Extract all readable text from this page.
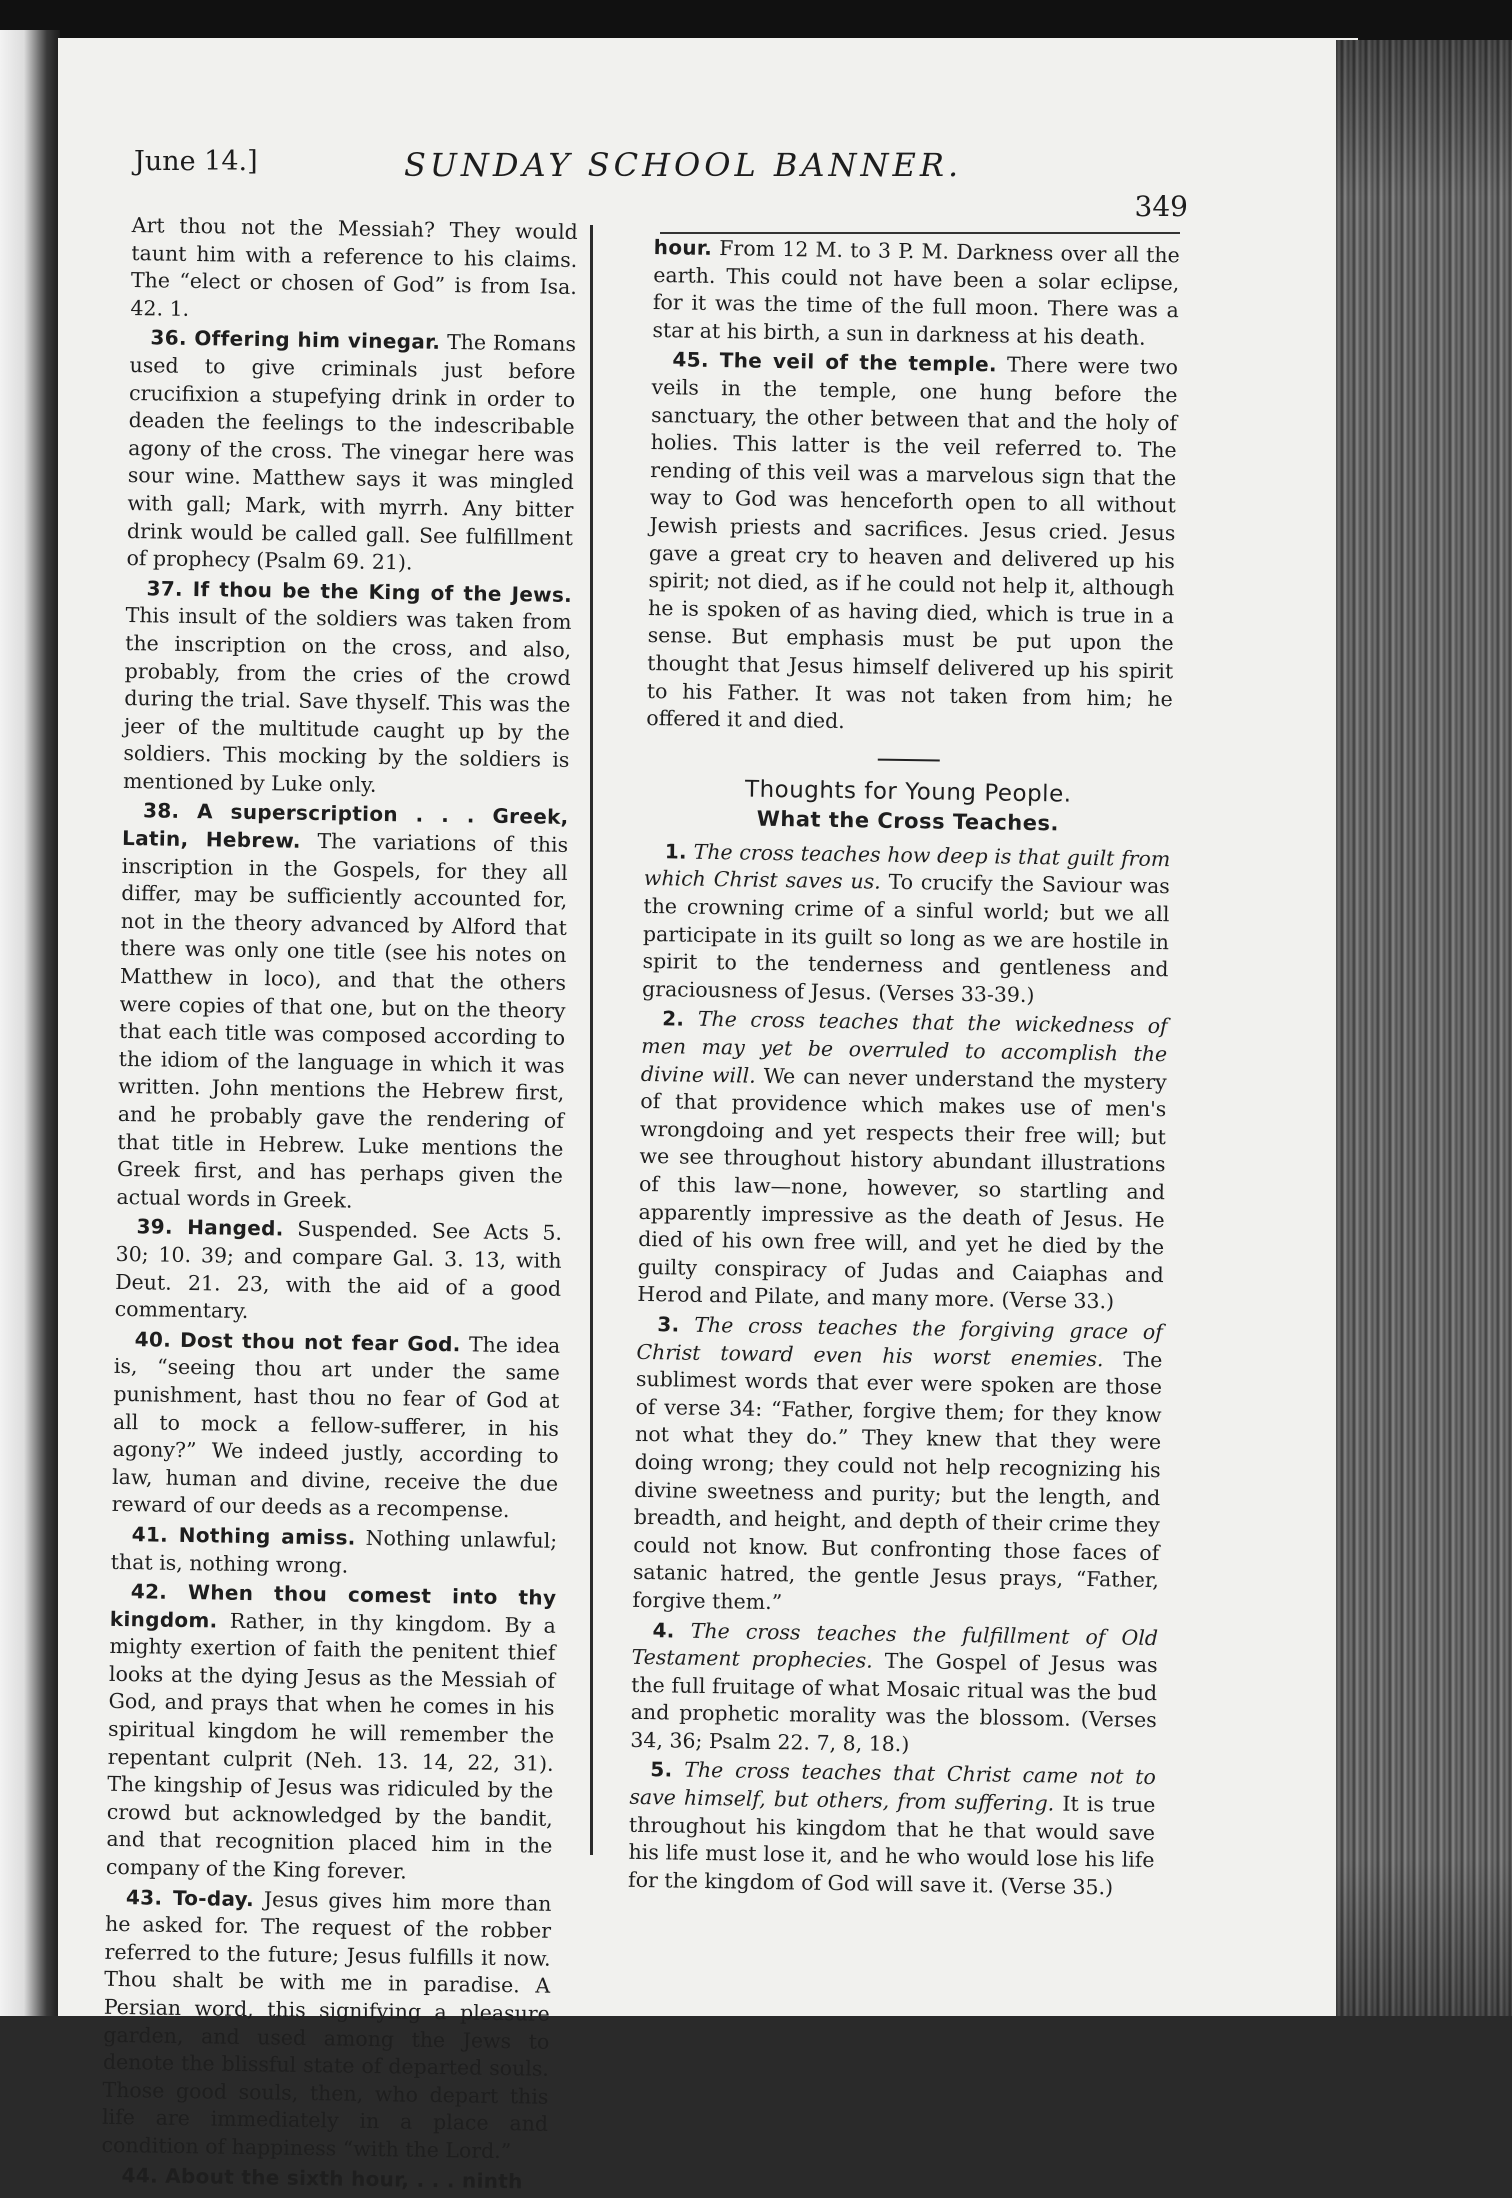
June 14.]	SUNDAY SCHOOL BANNER.
349

Art thou not the Messiah? They would taunt him with a reference to his claims. The “elect or chosen of God” is from Isa. 42. 1.

 36. Offering him vinegar. The Romans used to give criminals just before crucifixion a stupefying drink in order to deaden the feelings to the indescribable agony of the cross. The vinegar here was sour wine. Matthew says it was mingled with gall; Mark, with myrrh. Any bitter drink would be called gall. See fulfillment of prophecy (Psalm 69. 21).

 37. If thou be the King of the Jews. This insult of the soldiers was taken from the inscription on the cross, and also, probably, from the cries of the crowd during the trial. Save thyself. This was the jeer of the multitude caught up by the soldiers. This mocking by the soldiers is mentioned by Luke only.

 38. A superscription . . . Greek, Latin, Hebrew. The variations of this inscription in the Gospels, for they all differ, may be sufficiently accounted for, not in the theory advanced by Alford that there was only one title (see his notes on Matthew in loco), and that the others were copies of that one, but on the theory that each title was composed according to the idiom of the language in which it was written. John mentions the Hebrew first, and he probably gave the rendering of that title in Hebrew. Luke mentions the Greek first, and has perhaps given the actual words in Greek.

 39. Hanged. Suspended. See Acts 5. 30; 10. 39; and compare Gal. 3. 13, with Deut. 21. 23, with the aid of a good commentary.

 40. Dost thou not fear God. The idea is, “seeing thou art under the same punishment, hast thou no fear of God at all to mock a fellow-sufferer, in his agony?” We indeed justly, according to law, human and divine, receive the due reward of our deeds as a recompense.

 41. Nothing amiss. Nothing unlawful; that is, nothing wrong.

 42. When thou comest into thy kingdom. Rather, in thy kingdom. By a mighty exertion of faith the penitent thief looks at the dying Jesus as the Messiah of God, and prays that when he comes in his spiritual kingdom he will remember the repentant culprit (Neh. 13. 14, 22, 31). The kingship of Jesus was ridiculed by the crowd but acknowledged by the bandit, and that recognition placed him in the company of the King forever.

 43. To-day. Jesus gives him more than he asked for. The request of the robber referred to the future; Jesus fulfills it now. Thou shalt be with me in paradise. A Persian word, this signifying a pleasure garden, and used among the Jews to denote the blissful state of departed souls. Those good souls, then, who depart this life are immediately in a place and condition of happiness “with the Lord.”

 44. About the sixth hour, . . . ninth

hour. From 12 M. to 3 P. M. Darkness over all the earth. This could not have been a solar eclipse, for it was the time of the full moon. There was a star at his birth, a sun in darkness at his death.

 45. The veil of the temple. There were two veils in the temple, one hung before the sanctuary, the other between that and the holy of holies. This latter is the veil referred to. The rending of this veil was a marvelous sign that the way to God was henceforth open to all without Jewish priests and sacrifices. Jesus cried. Jesus gave a great cry to heaven and delivered up his spirit; not died, as if he could not help it, although he is spoken of as having died, which is true in a sense. But emphasis must be put upon the thought that Jesus himself delivered up his spirit to his Father. It was not taken from him; he offered it and died.

Thoughts for Young People.
What the Cross Teaches.

 1. The cross teaches how deep is that guilt from which Christ saves us. To crucify the Saviour was the crowning crime of a sinful world; but we all participate in its guilt so long as we are hostile in spirit to the tenderness and gentleness and graciousness of Jesus. (Verses 33-39.)

 2. The cross teaches that the wickedness of men may yet be overruled to accomplish the divine will. We can never understand the mystery of that providence which makes use of men's wrongdoing and yet respects their free will; but we see throughout history abundant illustrations of this law—none, however, so startling and apparently impressive as the death of Jesus. He died of his own free will, and yet he died by the guilty conspiracy of Judas and Caiaphas and Herod and Pilate, and many more. (Verse 33.)

 3. The cross teaches the forgiving grace of Christ toward even his worst enemies. The sublimest words that ever were spoken are those of verse 34: “Father, forgive them; for they know not what they do.” They knew that they were doing wrong; they could not help recognizing his divine sweetness and purity; but the length, and breadth, and height, and depth of their crime they could not know. But confronting those faces of satanic hatred, the gentle Jesus prays, “Father, forgive them.”

 4. The cross teaches the fulfillment of Old Testament prophecies. The Gospel of Jesus was the full fruitage of what Mosaic ritual was the bud and prophetic morality was the blossom. (Verses 34, 36; Psalm 22. 7, 8, 18.)

 5. The cross teaches that Christ came not to save himself, but others, from suffering. It is true throughout his kingdom that he that would save his life must lose it, and he who would lose his life for the kingdom of God will save it. (Verse 35.)
